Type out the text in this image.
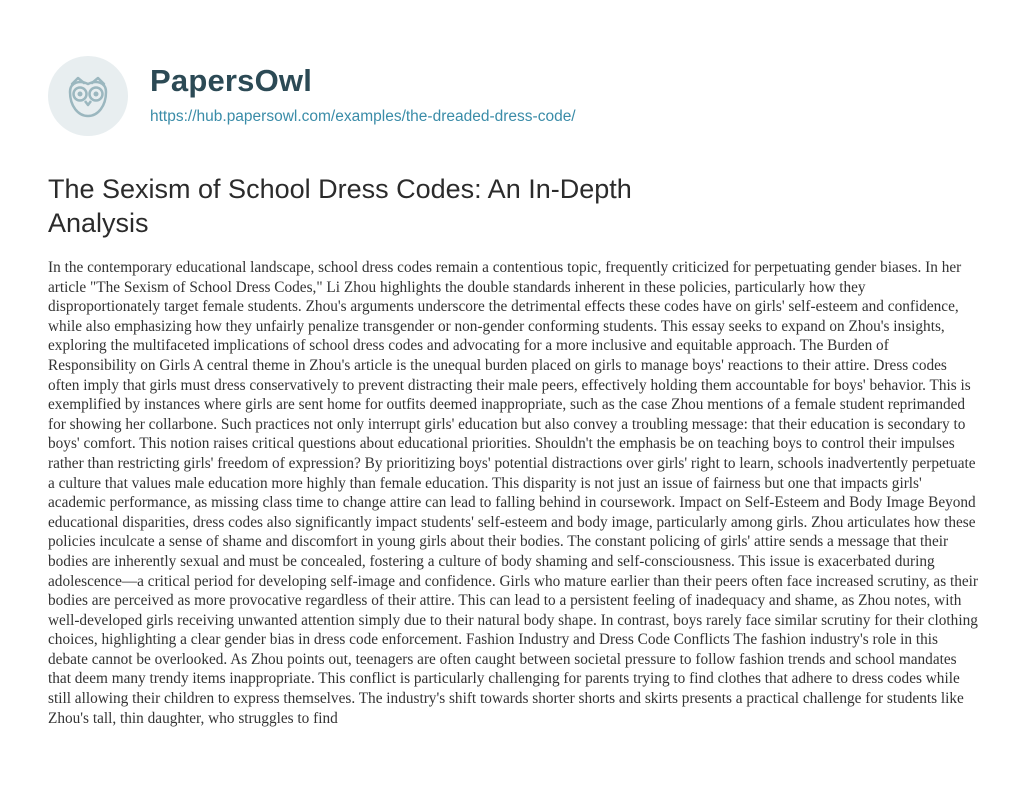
PapersOwl
https://hub.papersowl.com/examples/the-dreaded-dress-code/
The Sexism of School Dress Codes: An In-Depth Analysis

In the contemporary educational landscape, school dress codes remain a contentious topic, frequently criticized for perpetuating gender biases. In her article "The Sexism of School Dress Codes," Li Zhou highlights the double standards inherent in these policies, particularly how they disproportionately target female students. Zhou's arguments underscore the detrimental effects these codes have on girls' self-esteem and confidence, while also emphasizing how they unfairly penalize transgender or non-gender conforming students. This essay seeks to expand on Zhou's insights, exploring the multifaceted implications of school dress codes and advocating for a more inclusive and equitable approach. The Burden of Responsibility on Girls A central theme in Zhou's article is the unequal burden placed on girls to manage boys' reactions to their attire. Dress codes often imply that girls must dress conservatively to prevent distracting their male peers, effectively holding them accountable for boys' behavior. This is exemplified by instances where girls are sent home for outfits deemed inappropriate, such as the case Zhou mentions of a female student reprimanded for showing her collarbone. Such practices not only interrupt girls' education but also convey a troubling message: that their education is secondary to boys' comfort. This notion raises critical questions about educational priorities. Shouldn't the emphasis be on teaching boys to control their impulses rather than restricting girls' freedom of expression? By prioritizing boys' potential distractions over girls' right to learn, schools inadvertently perpetuate a culture that values male education more highly than female education. This disparity is not just an issue of fairness but one that impacts girls' academic performance, as missing class time to change attire can lead to falling behind in coursework. Impact on Self-Esteem and Body Image Beyond educational disparities, dress codes also significantly impact students' self-esteem and body image, particularly among girls. Zhou articulates how these policies inculcate a sense of shame and discomfort in young girls about their bodies. The constant policing of girls' attire sends a message that their bodies are inherently sexual and must be concealed, fostering a culture of body shaming and self-consciousness. This issue is exacerbated during adolescence—a critical period for developing self-image and confidence. Girls who mature earlier than their peers often face increased scrutiny, as their bodies are perceived as more provocative regardless of their attire. This can lead to a persistent feeling of inadequacy and shame, as Zhou notes, with well-developed girls receiving unwanted attention simply due to their natural body shape. In contrast, boys rarely face similar scrutiny for their clothing choices, highlighting a clear gender bias in dress code enforcement. Fashion Industry and Dress Code Conflicts The fashion industry's role in this debate cannot be overlooked. As Zhou points out, teenagers are often caught between societal pressure to follow fashion trends and school mandates that deem many trendy items inappropriate. This conflict is particularly challenging for parents trying to find clothes that adhere to dress codes while still allowing their children to express themselves. The industry's shift towards shorter shorts and skirts presents a practical challenge for students like Zhou's tall, thin daughter, who struggles to find
